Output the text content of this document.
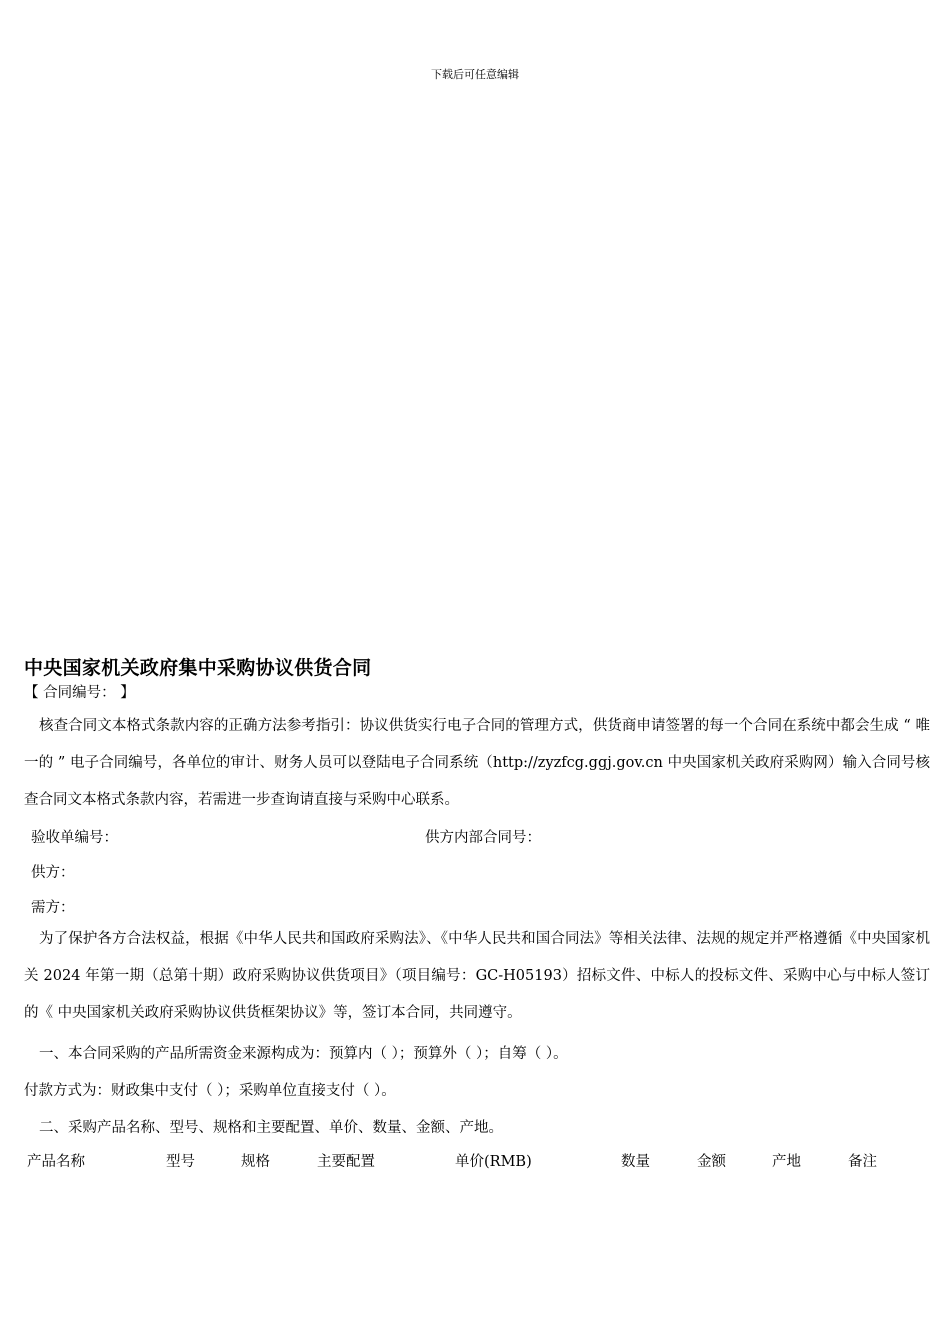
下载后可任意编辑
中央国家机关政府集中采购协议供货合同
【 合同编号： 】

核查合同文本格式条款内容的正确方法参考指引：协议供货实行电子合同的管理方式，供货商申请签署的每一个合同在系统中都会生成 “ 唯一的 ” 电子合同编号，各单位的审计、财务人员可以登陆电子合同系统（http://zyzfcg.ggj.gov.cn 中央国家机关政府采购网）输入合同号核查合同文本格式条款内容，若需进一步查询请直接与采购中心联系。

验收单编号：	供方内部合同号：
供方：
需方：

为了保护各方合法权益，根据《中华人民共和国政府采购法》、《中华人民共和国合同法》等相关法律、法规的规定并严格遵循《中央国家机关 2024 年第一期（总第十期）政府采购协议供货项目》（项目编号：GC-H05193）招标文件、中标人的投标文件、采购中心与中标人签订的《 中央国家机关政府采购协议供货框架协议》等，签订本合同，共同遵守。

一、本合同采购的产品所需资金来源构成为：预算内（ ）；预算外（ ）；自筹（ ）。
付款方式为：财政集中支付（ ）；采购单位直接支付（ ）。
二、采购产品名称、型号、规格和主要配置、单价、数量、金额、产地。
产品名称	型号	规格	主要配置	单价(RMB)	数量	金额	产地	备注
